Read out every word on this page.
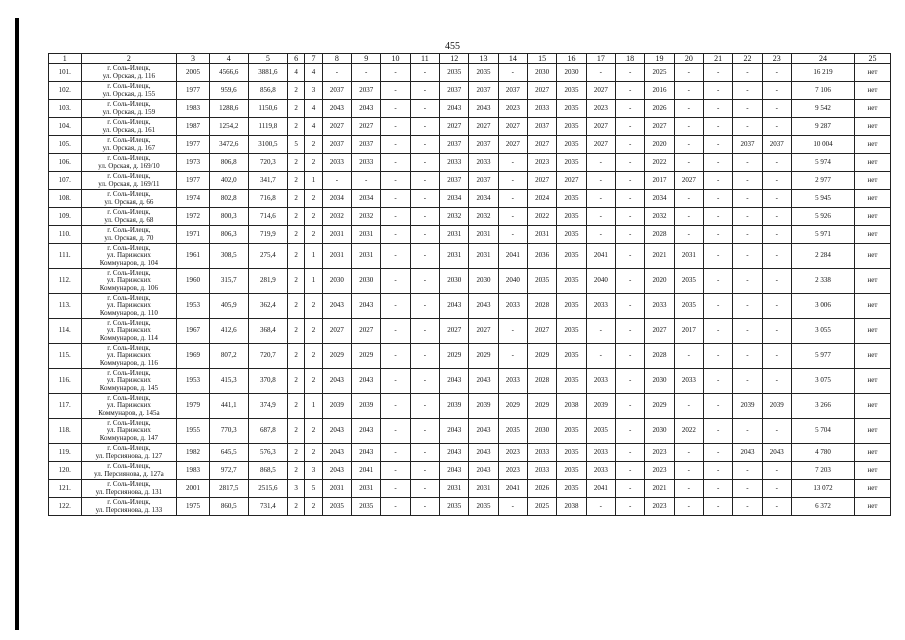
455
1	2	3	4	5	6	7	8	9	10	11	12	13	14	15	16	17	18	19	20	21	22	23	24	25
101.	г. Соль-Илецк,
ул. Орская, д. 116	2005	4566,6	3881,6	4	4	-	-	-	-	2035	2035	-	2030	2030	-	-	2025	-	-	-	-	16 219	нет
102.	г. Соль-Илецк,
ул. Орская, д. 155	1977	959,6	856,8	2	3	2037	2037	-	-	2037	2037	2037	2027	2035	2027	-	2016	-	-	-	-	7 106	нет
103.	г. Соль-Илецк,
ул. Орская, д. 159	1983	1288,6	1150,6	2	4	2043	2043	-	-	2043	2043	2023	2033	2035	2023	-	2026	-	-	-	-	9 542	нет
104.	г. Соль-Илецк,
ул. Орская, д. 161	1987	1254,2	1119,8	2	4	2027	2027	-	-	2027	2027	2027	2037	2035	2027	-	2027	-	-	-	-	9 287	нет
105.	г. Соль-Илецк,
ул. Орская, д. 167	1977	3472,6	3100,5	5	2	2037	2037	-	-	2037	2037	2027	2027	2035	2027	-	2020	-	-	2037	2037	10 004	нет
106.	г. Соль-Илецк,
ул. Орская, д. 169/10	1973	806,8	720,3	2	2	2033	2033	-	-	2033	2033	-	2023	2035	-	-	2022	-	-	-	-	5 974	нет
107.	г. Соль-Илецк,
ул. Орская, д. 169/11	1977	402,0	341,7	2	1	-	-	-	-	2037	2037	-	2027	2027	-	-	2017	2027	-	-	-	2 977	нет
108.	г. Соль-Илецк,
ул. Орская, д. 66	1974	802,8	716,8	2	2	2034	2034	-	-	2034	2034	-	2024	2035	-	-	2034	-	-	-	-	5 945	нет
109.	г. Соль-Илецк,
ул. Орская, д. 68	1972	800,3	714,6	2	2	2032	2032	-	-	2032	2032	-	2022	2035	-	-	2032	-	-	-	-	5 926	нет
110.	г. Соль-Илецк,
ул. Орская, д. 70	1971	806,3	719,9	2	2	2031	2031	-	-	2031	2031	-	2031	2035	-	-	2028	-	-	-	-	5 971	нет
111.	г. Соль-Илецк,
ул. Парижских
Коммунаров, д. 104	1961	308,5	275,4	2	1	2031	2031	-	-	2031	2031	2041	2036	2035	2041	-	2021	2031	-	-	-	2 284	нет
112.	г. Соль-Илецк,
ул. Парижских
Коммунаров, д. 106	1960	315,7	281,9	2	1	2030	2030	-	-	2030	2030	2040	2035	2035	2040	-	2020	2035	-	-	-	2 338	нет
113.	г. Соль-Илецк,
ул. Парижских
Коммунаров, д. 110	1953	405,9	362,4	2	2	2043	2043	-	-	2043	2043	2033	2028	2035	2033	-	2033	2035	-	-	-	3 006	нет
114.	г. Соль-Илецк,
ул. Парижских
Коммунаров, д. 114	1967	412,6	368,4	2	2	2027	2027	-	-	2027	2027	-	2027	2035	-	-	2027	2017	-	-	-	3 055	нет
115.	г. Соль-Илецк,
ул. Парижских
Коммунаров, д. 116	1969	807,2	720,7	2	2	2029	2029	-	-	2029	2029	-	2029	2035	-	-	2028	-	-	-	-	5 977	нет
116.	г. Соль-Илецк,
ул. Парижских
Коммунаров, д. 145	1953	415,3	370,8	2	2	2043	2043	-	-	2043	2043	2033	2028	2035	2033	-	2030	2033	-	-	-	3 075	нет
117.	г. Соль-Илецк,
ул. Парижских
Коммунаров, д. 145а	1979	441,1	374,9	2	1	2039	2039	-	-	2039	2039	2029	2029	2038	2039	-	2029	-	-	2039	2039	3 266	нет
118.	г. Соль-Илецк,
ул. Парижских
Коммунаров, д. 147	1955	770,3	687,8	2	2	2043	2043	-	-	2043	2043	2035	2030	2035	2035	-	2030	2022	-	-	-	5 704	нет
119.	г. Соль-Илецк,
ул. Персиянова, д. 127	1982	645,5	576,3	2	2	2043	2043	-	-	2043	2043	2023	2033	2035	2033	-	2023	-	-	2043	2043	4 780	нет
120.	г. Соль-Илецк,
ул. Персиянова, д. 127а	1983	972,7	868,5	2	3	2043	2041	-	-	2043	2043	2023	2033	2035	2033	-	2023	-	-	-	-	7 203	нет
121.	г. Соль-Илецк,
ул. Персиянова, д. 131	2001	2817,5	2515,6	3	5	2031	2031	-	-	2031	2031	2041	2026	2035	2041	-	2021	-	-	-	-	13 072	нет
122.	г. Соль-Илецк,
ул. Персиянова, д. 133	1975	860,5	731,4	2	2	2035	2035	-	-	2035	2035	-	2025	2038	-	-	2023	-	-	-	-	6 372	нет
